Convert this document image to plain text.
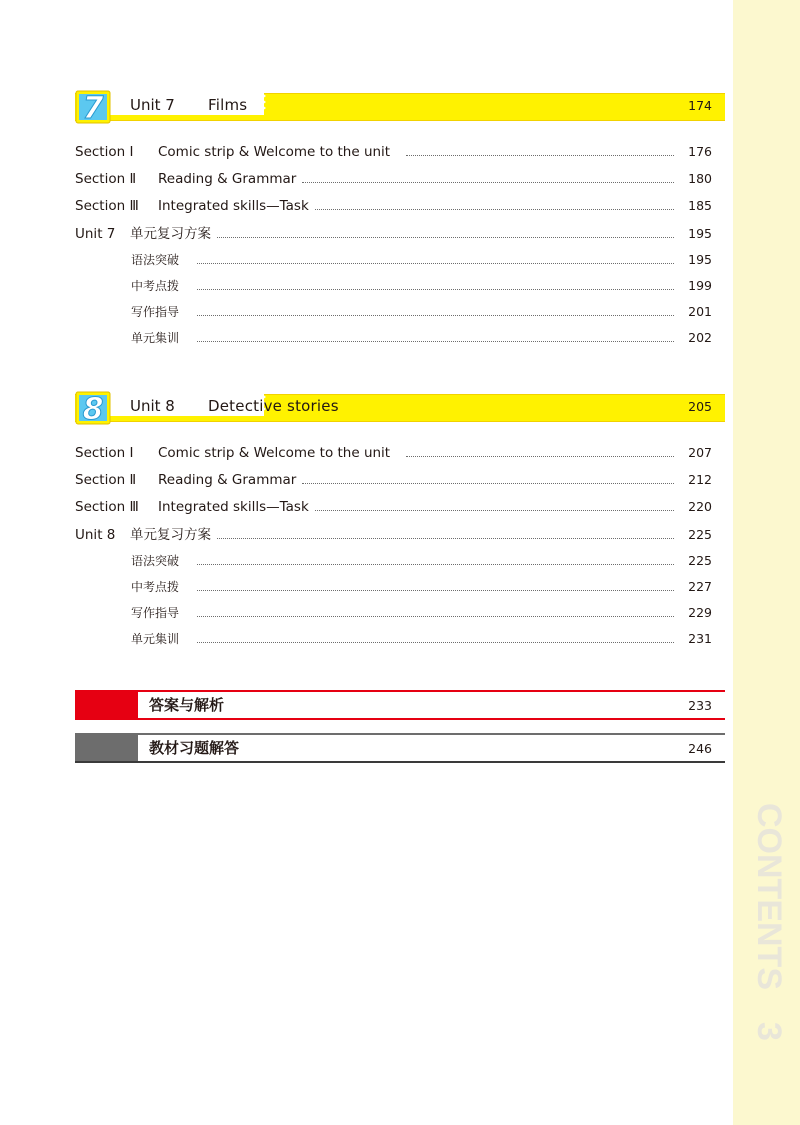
CONTENTS
3
7 Unit 7 Films	174
Section Ⅰ	Comic strip & Welcome to the unit	176
Section Ⅱ	Reading & Grammar	180
Section Ⅲ	Integrated skills—Task	185
Unit 7	单元复习方案	195
语法突破	195
中考点拨	199
写作指导	201
单元集训	202
8 Unit 8 Detective stories	205
Section Ⅰ	Comic strip & Welcome to the unit	207
Section Ⅱ	Reading & Grammar	212
Section Ⅲ	Integrated skills—Task	220
Unit 8	单元复习方案	225
语法突破	225
中考点拨	227
写作指导	229
单元集训	231
答案与解析	233
教材习题解答	246
